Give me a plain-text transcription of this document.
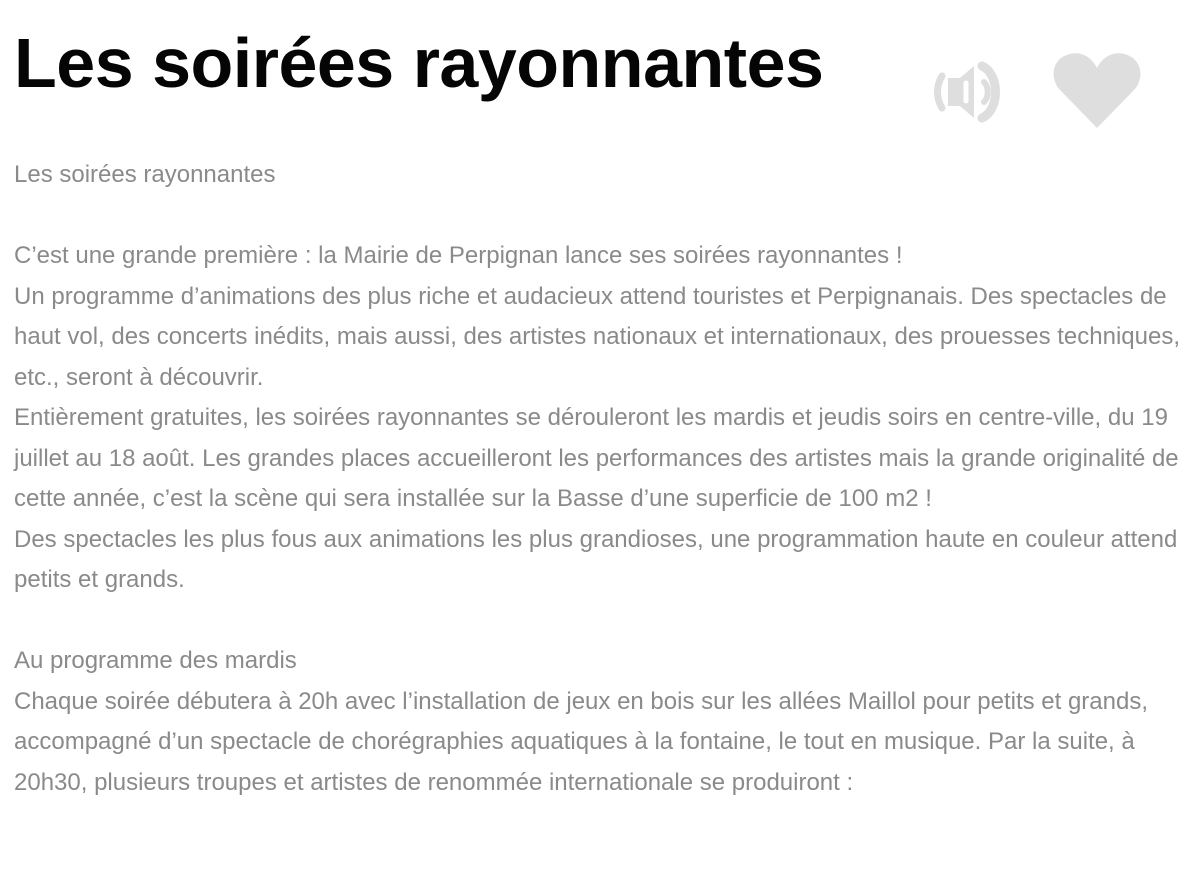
Les soirées rayonnantes

Les soirées rayonnantes

C’est une grande première : la Mairie de Perpignan lance ses soirées rayonnantes !

Un programme d’animations des plus riche et audacieux attend touristes et Perpignanais. Des spectacles de haut vol, des concerts inédits, mais aussi, des artistes nationaux et internationaux, des prouesses techniques, etc., seront à découvrir.

Entièrement gratuites, les soirées rayonnantes se dérouleront les mardis et jeudis soirs en centre-ville, du 19 juillet au 18 août. Les grandes places accueilleront les performances des artistes mais la grande originalité de cette année, c’est la scène qui sera installée sur la Basse d’une superficie de 100 m2 !

Des spectacles les plus fous aux animations les plus grandioses, une programmation haute en couleur attend petits et grands.

Au programme des mardis

Chaque soirée débutera à 20h avec l’installation de jeux en bois sur les allées Maillol pour petits et grands, accompagné d’un spectacle de chorégraphies aquatiques à la fontaine, le tout en musique. Par la suite, à 20h30, plusieurs troupes et artistes de renommée internationale se produiront :
